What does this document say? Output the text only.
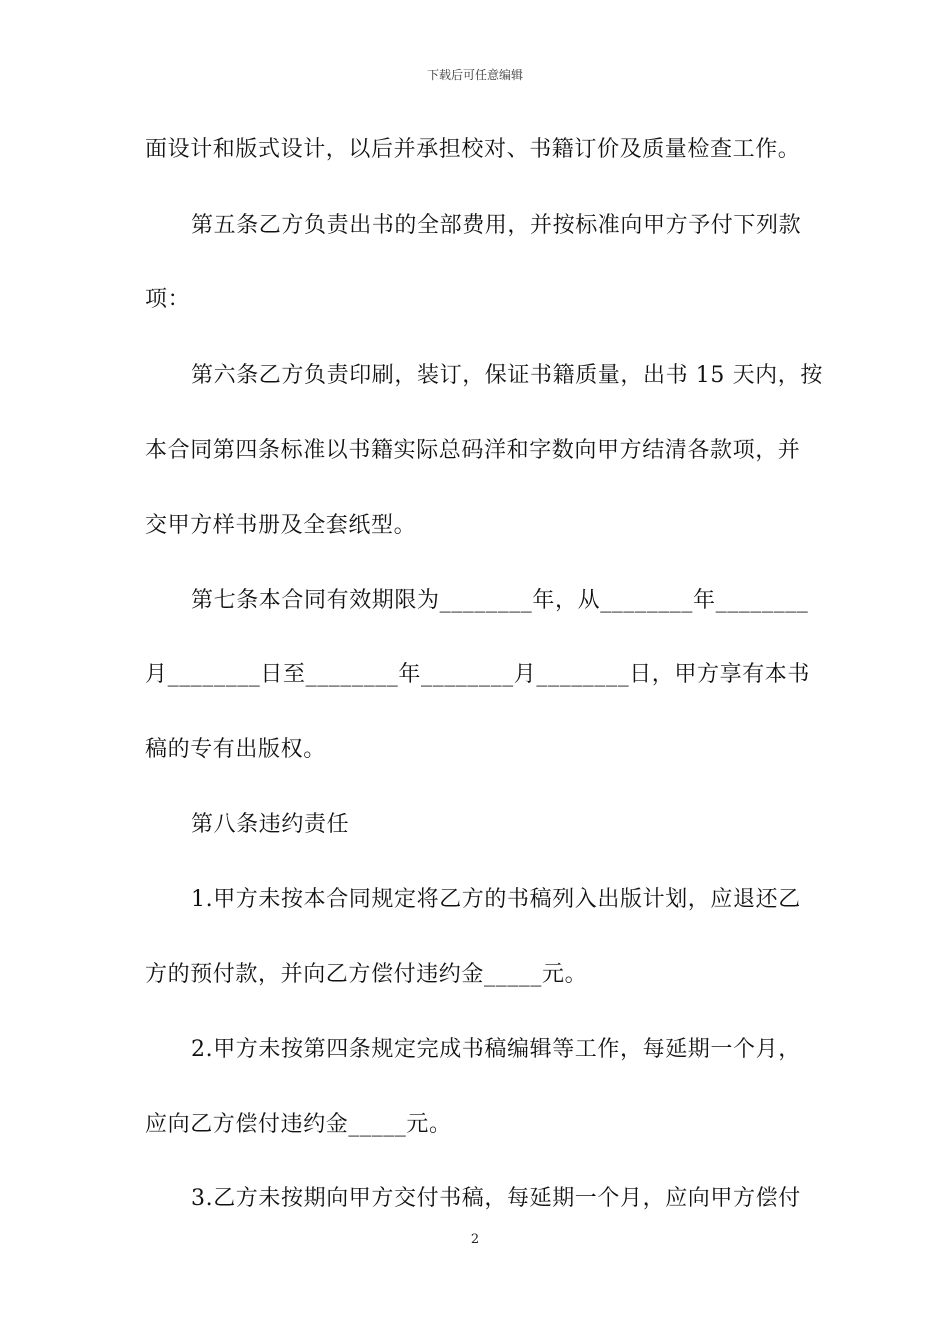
下载后可任意编辑
面设计和版式设计，以后并承担校对、书籍订价及质量检查工作。
第五条乙方负责出书的全部费用，并按标准向甲方予付下列款
项：
第六条乙方负责印刷，装订，保证书籍质量，出书 15 天内，按
本合同第四条标准以书籍实际总码洋和字数向甲方结清各款项，并
交甲方样书册及全套纸型。
第七条本合同有效期限为________年，从________年________
月________日至________年________月________日，甲方享有本书
稿的专有出版权。
第八条违约责任
1.甲方未按本合同规定将乙方的书稿列入出版计划，应退还乙
方的预付款，并向乙方偿付违约金_____元。
2.甲方未按第四条规定完成书稿编辑等工作，每延期一个月，
应向乙方偿付违约金_____元。
3.乙方未按期向甲方交付书稿，每延期一个月，应向甲方偿付
2
